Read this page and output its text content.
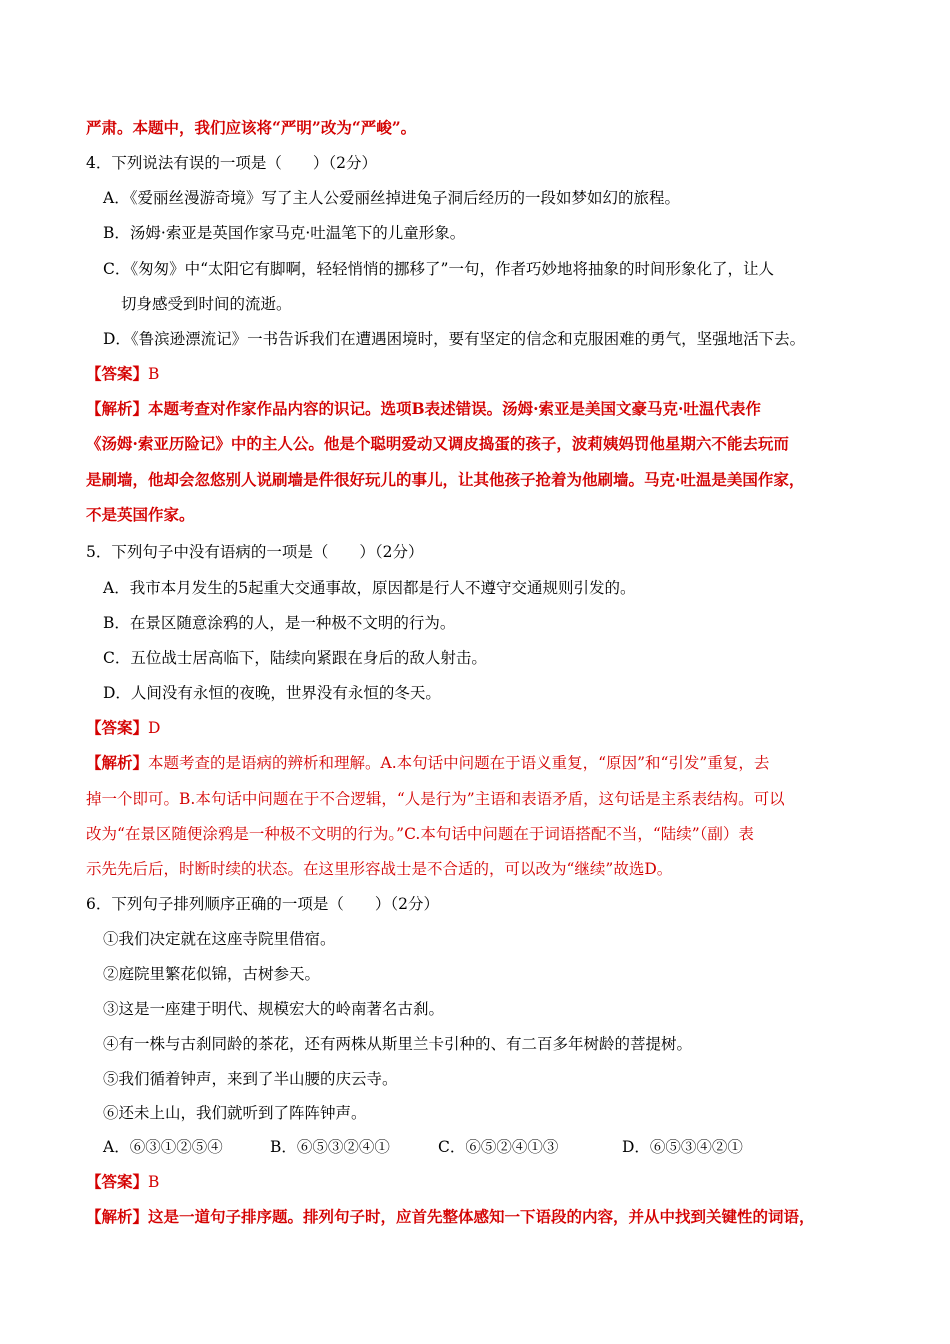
严肃。本题中，我们应该将“严明”改为“严峻”。
4．下列说法有误的一项是（　　）（2分）
A．《爱丽丝漫游奇境》写了主人公爱丽丝掉进兔子洞后经历的一段如梦如幻的旅程。
B．汤姆·索亚是英国作家马克·吐温笔下的儿童形象。
C．《匆匆》中“太阳它有脚啊，轻轻悄悄的挪移了”一句，作者巧妙地将抽象的时间形象化了，让人
切身感受到时间的流逝。
D．《鲁滨逊漂流记》一书告诉我们在遭遇困境时，要有坚定的信念和克服困难的勇气，坚强地活下去。
【答案】B
【解析】本题考查对作家作品内容的识记。选项B表述错误。汤姆·索亚是美国文豪马克·吐温代表作
《汤姆·索亚历险记》中的主人公。他是个聪明爱动又调皮捣蛋的孩子，波莉姨妈罚他星期六不能去玩而
是刷墙，他却会忽悠别人说刷墙是件很好玩儿的事儿，让其他孩子抢着为他刷墙。马克·吐温是美国作家，
不是英国作家。
5．下列句子中没有语病的一项是（　　）（2分）
A．我市本月发生的5起重大交通事故，原因都是行人不遵守交通规则引发的。
B．在景区随意涂鸦的人，是一种极不文明的行为。
C．五位战士居高临下，陆续向紧跟在身后的敌人射击。
D．人间没有永恒的夜晚，世界没有永恒的冬天。
【答案】D
【解析】本题考查的是语病的辨析和理解。A.本句话中问题在于语义重复，“原因”和“引发”重复，去
掉一个即可。B.本句话中问题在于不合逻辑，“人是行为”主语和表语矛盾，这句话是主系表结构。可以
改为“在景区随便涂鸦是一种极不文明的行为。”C.本句话中问题在于词语搭配不当，“陆续”（副）表
示先先后后，时断时续的状态。在这里形容战士是不合适的，可以改为“继续”故选D。
6．下列句子排列顺序正确的一项是（　　）（2分）
①我们决定就在这座寺院里借宿。
②庭院里繁花似锦，古树参天。
③这是一座建于明代、规模宏大的岭南著名古刹。
④有一株与古刹同龄的茶花，还有两株从斯里兰卡引种的、有二百多年树龄的菩提树。
⑤我们循着钟声，来到了半山腰的庆云寺。
⑥还未上山，我们就听到了阵阵钟声。
A．⑥③①②⑤④	B．⑥⑤③②④①	C．⑥⑤②④①③	D．⑥⑤③④②①
【答案】B
【解析】这是一道句子排序题。排列句子时，应首先整体感知一下语段的内容，并从中找到关键性的词语，
